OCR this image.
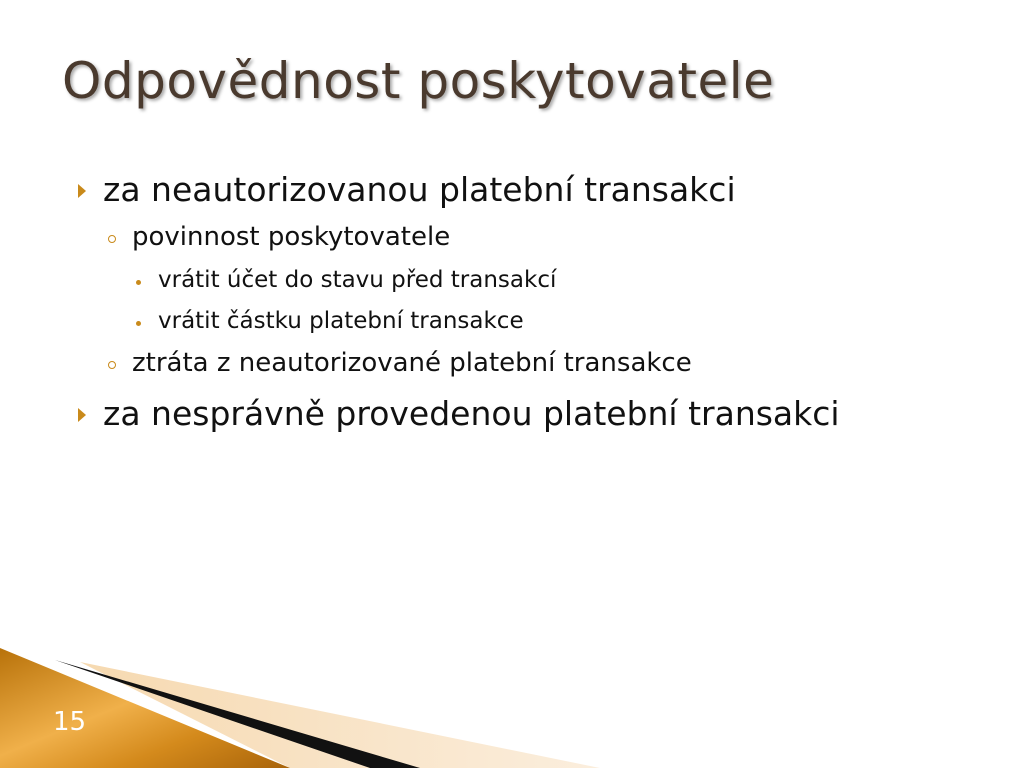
Odpovědnost poskytovatele
za neautorizovanou platební transakci
povinnost poskytovatele
vrátit účet do stavu před transakcí
vrátit částku platební transakce
ztráta z neautorizované platební transakce
za nesprávně provedenou platební transakci
15
